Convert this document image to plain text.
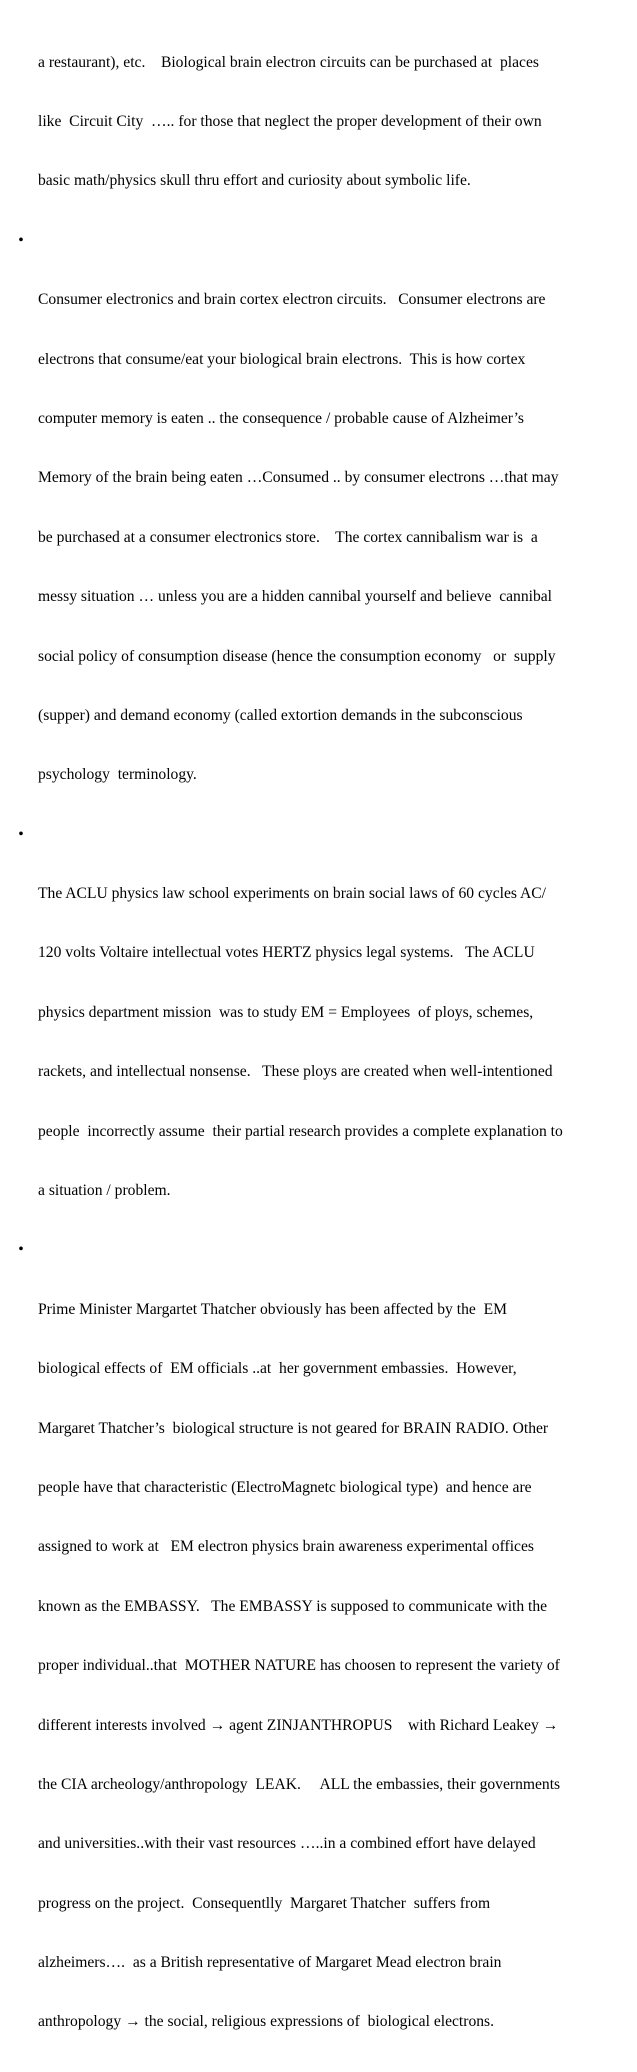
a restaurant), etc.    Biological brain electron circuits can be purchased at  places

like  Circuit City  ….. for those that neglect the proper development of their own

basic math/physics skull thru effort and curiosity about symbolic life.

•

Consumer electronics and brain cortex electron circuits.   Consumer electrons are

electrons that consume/eat your biological brain electrons.  This is how cortex

computer memory is eaten .. the consequence / probable cause of Alzheimer’s

Memory of the brain being eaten …Consumed .. by consumer electrons …that may

be purchased at a consumer electronics store.    The cortex cannibalism war is  a

messy situation … unless you are a hidden cannibal yourself and believe  cannibal

social policy of consumption disease (hence the consumption economy   or  supply

(supper) and demand economy (called extortion demands in the subconscious

psychology  terminology.

•

The ACLU physics law school experiments on brain social laws of 60 cycles AC/

120 volts Voltaire intellectual votes HERTZ physics legal systems.   The ACLU

physics department mission  was to study EM = Employees  of ploys, schemes,

rackets, and intellectual nonsense.   These ploys are created when well-intentioned

people  incorrectly assume  their partial research provides a complete explanation to

a situation / problem.

•

Prime Minister Margartet Thatcher obviously has been affected by the  EM

biological effects of  EM officials ..at  her government embassies.  However,

Margaret Thatcher’s  biological structure is not geared for BRAIN RADIO. Other

people have that characteristic (ElectroMagnetc biological type)  and hence are

assigned to work at   EM electron physics brain awareness experimental offices

known as the EMBASSY.   The EMBASSY is supposed to communicate with the

proper individual..that  MOTHER NATURE has choosen to represent the variety of

different interests involved → agent ZINJANTHROPUS    with Richard Leakey →

the CIA archeology/anthropology  LEAK.     ALL the embassies, their governments

and universities..with their vast resources …..in a combined effort have delayed

progress on the project.  Consequentlly  Margaret Thatcher  suffers from

alzheimers….  as a British representative of Margaret Mead electron brain

anthropology → the social, religious expressions of  biological electrons.
